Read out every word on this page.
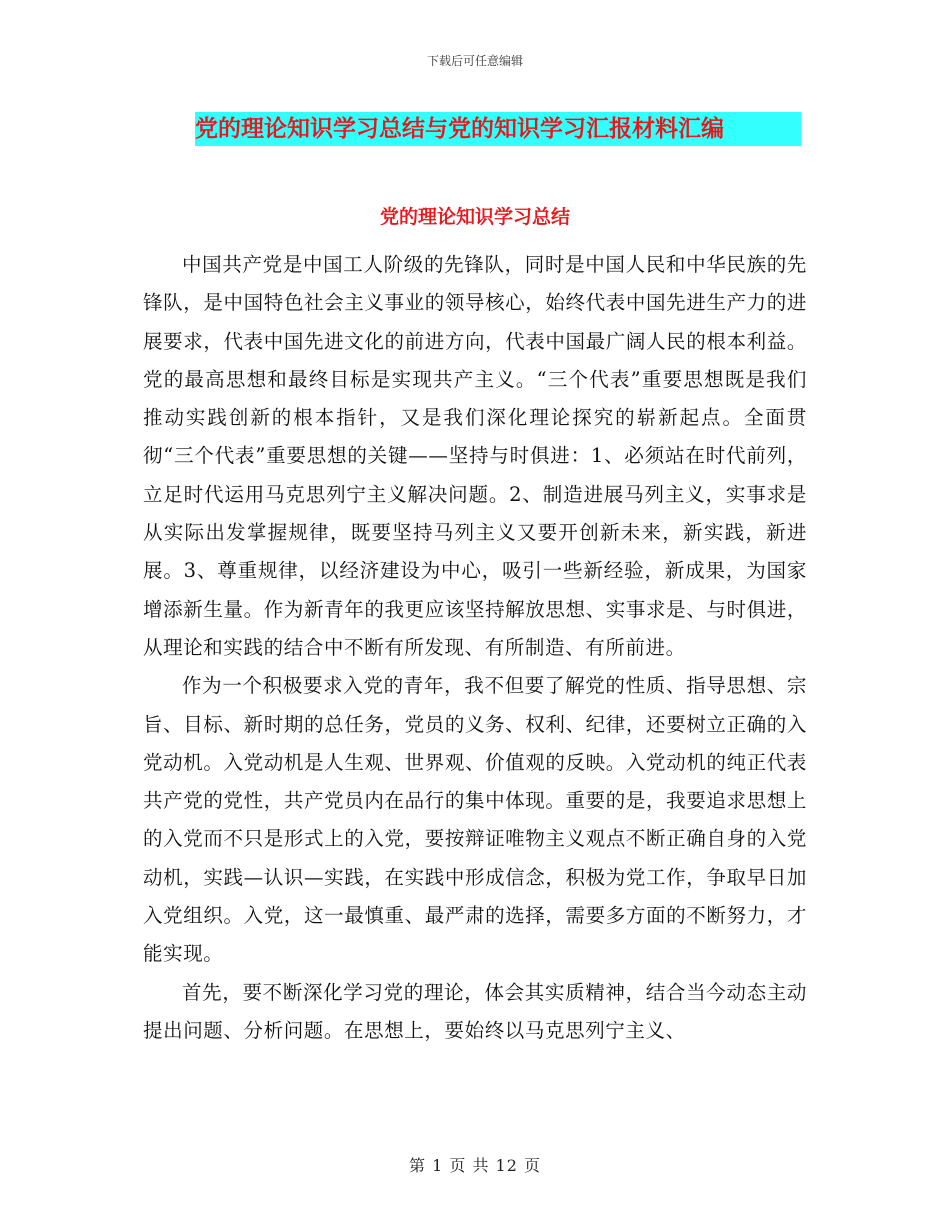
下载后可任意编辑
党的理论知识学习总结与党的知识学习汇报材料汇编
党的理论知识学习总结

中国共产党是中国工人阶级的先锋队，同时是中国人民和中华民族的先锋队，是中国特色社会主义事业的领导核心，始终代表中国先进生产力的进展要求，代表中国先进文化的前进方向，代表中国最广阔人民的根本利益。党的最高思想和最终目标是实现共产主义。“三个代表”重要思想既是我们推动实践创新的根本指针，又是我们深化理论探究的崭新起点。全面贯彻“三个代表”重要思想的关键——坚持与时俱进：1、必须站在时代前列，立足时代运用马克思列宁主义解决问题。2、制造进展马列主义，实事求是从实际出发掌握规律，既要坚持马列主义又要开创新未来，新实践，新进展。3、尊重规律，以经济建设为中心，吸引一些新经验，新成果，为国家增添新生量。作为新青年的我更应该坚持解放思想、实事求是、与时俱进，从理论和实践的结合中不断有所发现、有所制造、有所前进。

作为一个积极要求入党的青年，我不但要了解党的性质、指导思想、宗旨、目标、新时期的总任务，党员的义务、权利、纪律，还要树立正确的入党动机。入党动机是人生观、世界观、价值观的反映。入党动机的纯正代表共产党的党性，共产党员内在品行的集中体现。重要的是，我要追求思想上的入党而不只是形式上的入党，要按辩证唯物主义观点不断正确自身的入党动机，实践—认识—实践，在实践中形成信念，积极为党工作，争取早日加入党组织。入党，这一最慎重、最严肃的选择，需要多方面的不断努力，才能实现。

首先，要不断深化学习党的理论，体会其实质精神，结合当今动态主动提出问题、分析问题。在思想上，要始终以马克思列宁主义、

第 1 页 共 12 页
